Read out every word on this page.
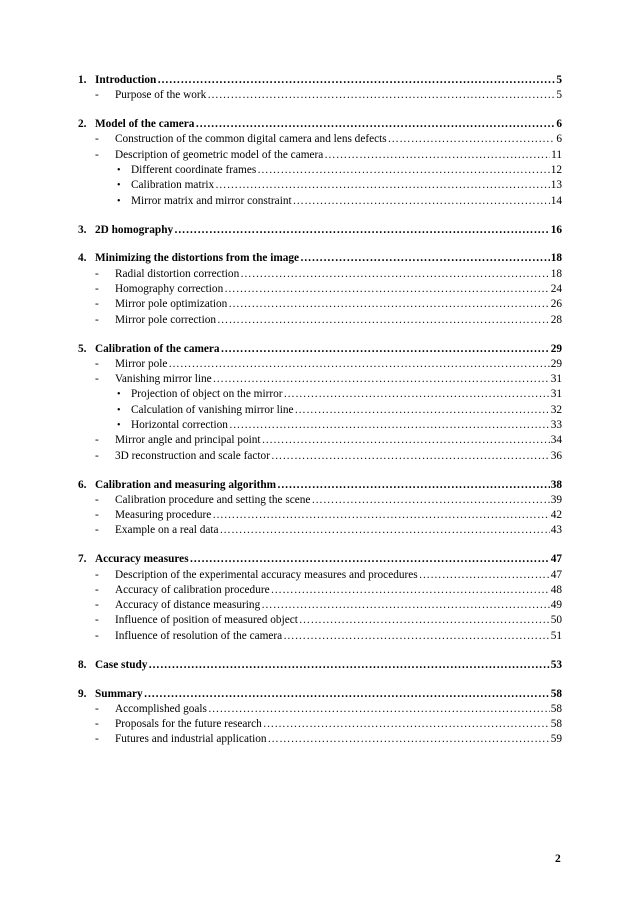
1. Introduction …………………………………………………………………………………………………………………………………………………………………………………………	5
- Purpose of the work …………………………………………………………………………………………………………………………………………………………………………………………	5
2. Model of the camera …………………………………………………………………………………………………………………………………………………………………………………………	6
- Construction of the common digital camera and lens defects …………………………………………………………………………………………………………………………………………………………………………………………	6
- Description of geometric model of the camera …………………………………………………………………………………………………………………………………………………………………………………………	11
• Different coordinate frames …………………………………………………………………………………………………………………………………………………………………………………………	12
• Calibration matrix …………………………………………………………………………………………………………………………………………………………………………………………	13
• Mirror matrix and mirror constraint …………………………………………………………………………………………………………………………………………………………………………………………	14
3. 2D homography …………………………………………………………………………………………………………………………………………………………………………………………	16
4. Minimizing the distortions from the image …………………………………………………………………………………………………………………………………………………………………………………………	18
- Radial distortion correction …………………………………………………………………………………………………………………………………………………………………………………………	18
- Homography correction …………………………………………………………………………………………………………………………………………………………………………………………	24
- Mirror pole optimization …………………………………………………………………………………………………………………………………………………………………………………………	26
- Mirror pole correction …………………………………………………………………………………………………………………………………………………………………………………………	28
5. Calibration of the camera …………………………………………………………………………………………………………………………………………………………………………………………	29
- Mirror pole …………………………………………………………………………………………………………………………………………………………………………………………	29
- Vanishing mirror line …………………………………………………………………………………………………………………………………………………………………………………………	31
• Projection of object on the mirror …………………………………………………………………………………………………………………………………………………………………………………………	31
• Calculation of vanishing mirror line …………………………………………………………………………………………………………………………………………………………………………………………	32
• Horizontal correction …………………………………………………………………………………………………………………………………………………………………………………………	33
- Mirror angle and principal point …………………………………………………………………………………………………………………………………………………………………………………………	34
- 3D reconstruction and scale factor …………………………………………………………………………………………………………………………………………………………………………………………	36
6. Calibration and measuring algorithm …………………………………………………………………………………………………………………………………………………………………………………………	38
- Calibration procedure and setting the scene …………………………………………………………………………………………………………………………………………………………………………………………	39
- Measuring procedure …………………………………………………………………………………………………………………………………………………………………………………………	42
- Example on a real data …………………………………………………………………………………………………………………………………………………………………………………………	43
7. Accuracy measures …………………………………………………………………………………………………………………………………………………………………………………………	47
- Description of the experimental accuracy measures and procedures …………………………………………………………………………………………………………………………………………………………………………………………	47
- Accuracy of calibration procedure …………………………………………………………………………………………………………………………………………………………………………………………	48
- Accuracy of distance measuring …………………………………………………………………………………………………………………………………………………………………………………………	49
- Influence of position of measured object …………………………………………………………………………………………………………………………………………………………………………………………	50
- Influence of resolution of the camera …………………………………………………………………………………………………………………………………………………………………………………………	51
8. Case study …………………………………………………………………………………………………………………………………………………………………………………………	53
9. Summary …………………………………………………………………………………………………………………………………………………………………………………………	58
- Accomplished goals …………………………………………………………………………………………………………………………………………………………………………………………	58
- Proposals for the future research …………………………………………………………………………………………………………………………………………………………………………………………	58
- Futures and industrial application …………………………………………………………………………………………………………………………………………………………………………………………	59
2
